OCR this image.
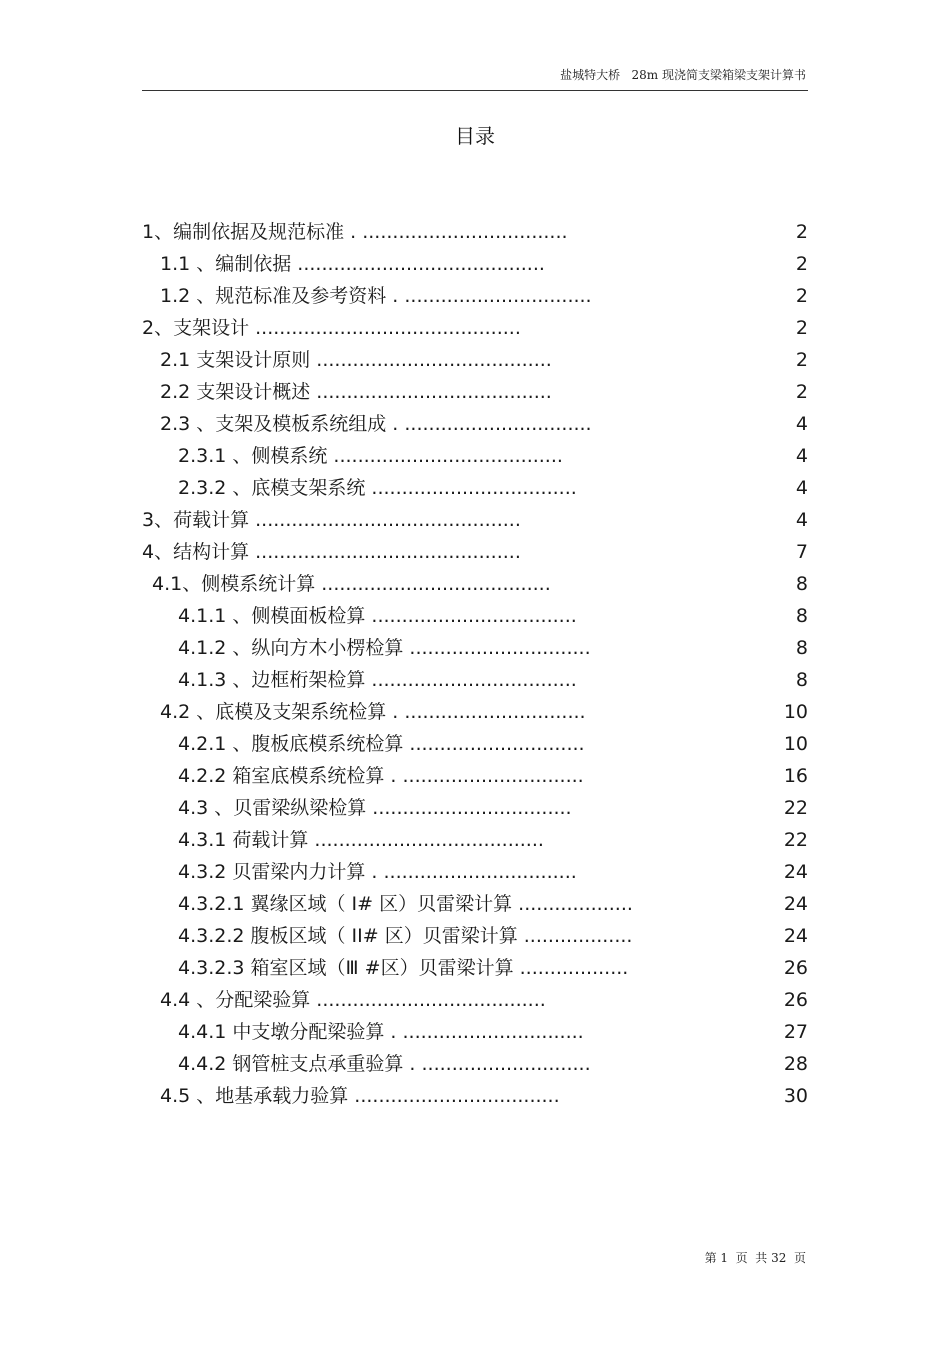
盐城特大桥   28m 现浇简支梁箱梁支架计算书
目录
1、编制依据及规范标准 . ..................................	2
1.1 、编制依据 .........................................	2
1.2 、规范标准及参考资料 . ...............................	2
2、支架设计 ............................................	2
2.1 支架设计原则 .......................................	2
2.2 支架设计概述 .......................................	2
2.3 、支架及模板系统组成 . ...............................	4
2.3.1 、侧模系统 ......................................	4
2.3.2 、底模支架系统 ..................................	4
3、荷载计算 ............................................	4
4、结构计算 ............................................	7
4.1、侧模系统计算 ......................................	8
4.1.1 、侧模面板检算 ..................................	8
4.1.2 、纵向方木小楞检算 ..............................	8
4.1.3 、边框桁架检算 ..................................	8
4.2 、底模及支架系统检算 . ..............................	10
4.2.1 、腹板底模系统检算 .............................	10
4.2.2 箱室底模系统检算 . ..............................	16
4.3 、贝雷梁纵梁检算 .................................	22
4.3.1 荷载计算 ......................................	22
4.3.2 贝雷梁内力计算 . ................................	24
4.3.2.1 翼缘区域（ I# 区）贝雷梁计算 ...................	24
4.3.2.2 腹板区域（ II# 区）贝雷梁计算 ..................	24
4.3.2.3 箱室区域（Ⅲ #区）贝雷梁计算 ..................	26
4.4 、分配梁验算 ......................................	26
4.4.1 中支墩分配梁验算 . ..............................	27
4.4.2 钢管桩支点承重验算 . ............................	28
4.5 、地基承载力验算 ..................................	30
第 1  页  共 32  页
